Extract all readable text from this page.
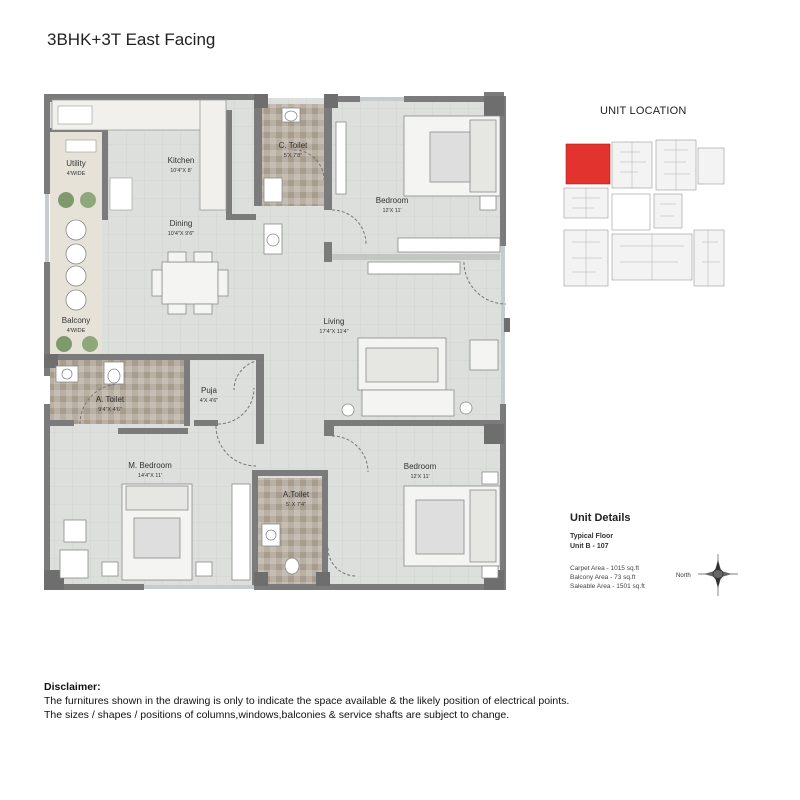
3BHK+3T East Facing
Utility
4'WIDE
Kitchen
10'4"X 8'
C. Toilet
5'X 7'8"
Bedroom
12'X 11'
Dining
10'4"X 9'6"
Balcony
4'WIDE
Living
17'4"X 11'4"
A. Toilet
9'4"X 4'6"
Puja
4'X 4'6"
M. Bedroom
14'4"X 11'
Bedroom
12'X 11'
A.Toilet
5' X 7'4"
UNIT LOCATION
Unit Details
Typical Floor
Unit B - 107
Carpet Area - 1015 sq.ft
Balcony Area - 73 sq.ft
Saleable Area - 1501 sq.ft
North
Disclaimer:
The furnitures shown in the drawing is only to indicate the space available & the likely position of electrical points.
The sizes / shapes / positions of columns,windows,balconies & service shafts are subject to change.
